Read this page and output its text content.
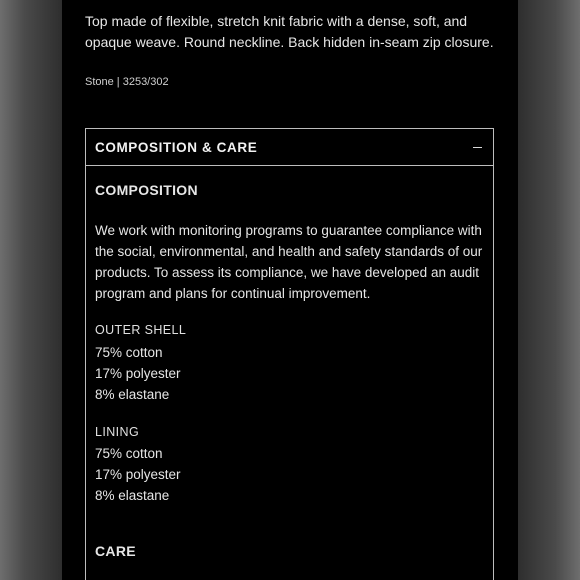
Top made of flexible, stretch knit fabric with a dense, soft, and opaque weave. Round neckline. Back hidden in-seam zip closure.

Stone | 3253/302

COMPOSITION & CARE
COMPOSITION

We work with monitoring programs to guarantee compliance with the social, environmental, and health and safety standards of our products. To assess its compliance, we have developed an audit program and plans for continual improvement.

OUTER SHELL

75% cotton
17% polyester
8% elastane

LINING

75% cotton
17% polyester
8% elastane
CARE
